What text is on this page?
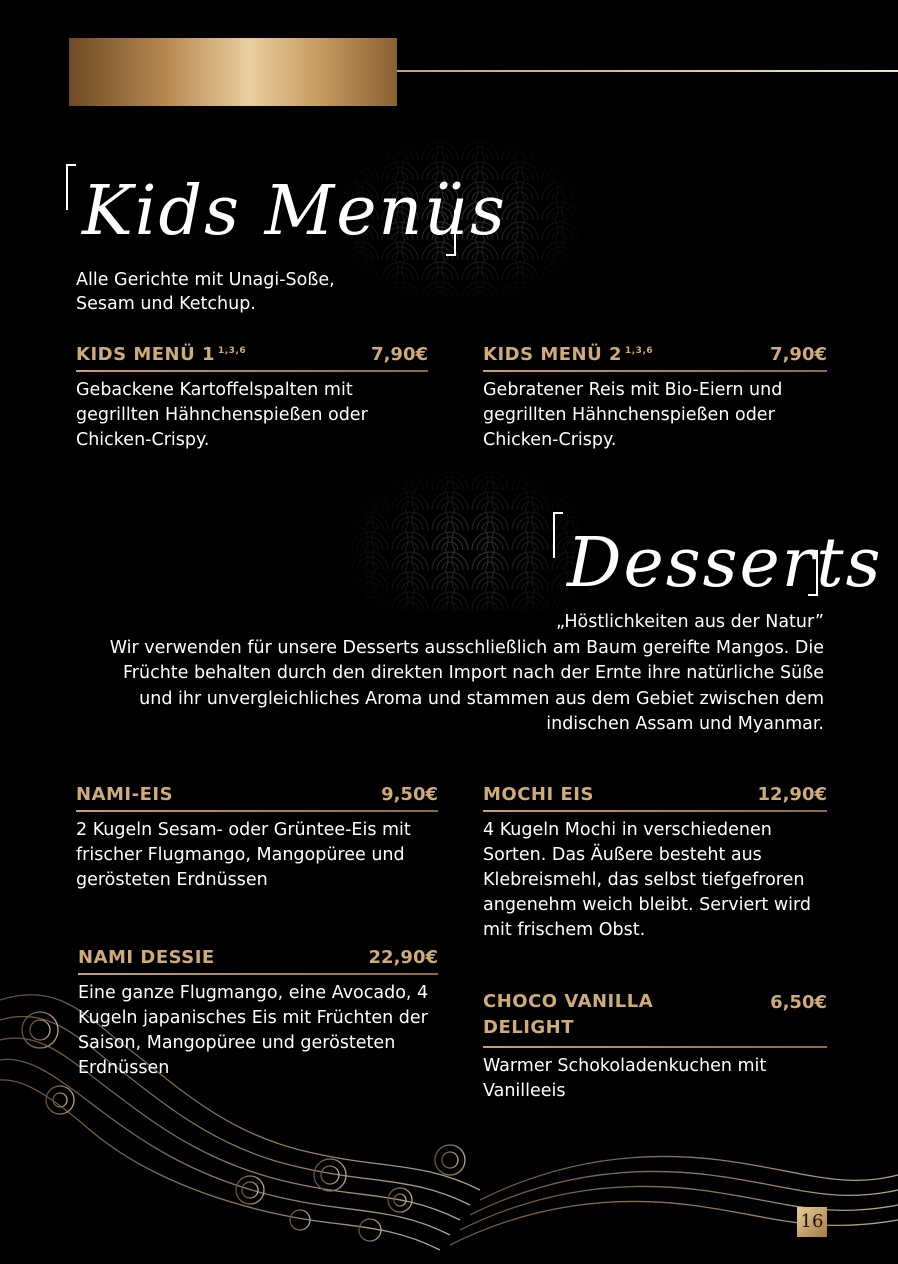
Kids Menüs
Alle Gerichte mit Unagi-Soße, Sesam und Ketchup.
KIDS MENÜ 1 $^{1,3,6}$	7,90€
Gebackene Kartoffelspalten mit gegrillten Hähnchenspießen oder Chicken-Crispy.
KIDS MENÜ 2 $^{1,3,6}$	7,90€
Gebratener Reis mit Bio-Eiern und gegrillten Hähnchenspießen oder Chicken-Crispy.
Desserts
„Höstlichkeiten aus der Natur”
Wir verwenden für unsere Desserts ausschließlich am Baum gereifte Mangos. Die Früchte behalten durch den direkten Import nach der Ernte ihre natürliche Süße und ihr unvergleichliches Aroma und stammen aus dem Gebiet zwischen dem indischen Assam und Myanmar.
NAMI-EIS	9,50€
2 Kugeln Sesam- oder Grüntee-Eis mit frischer Flugmango, Mangopüree und gerösteten Erdnüssen
MOCHI EIS	12,90€
4 Kugeln Mochi in verschiedenen Sorten. Das Äußere besteht aus Klebreismehl, das selbst tiefgefroren angenehm weich bleibt. Serviert wird mit frischem Obst.
NAMI DESSIE	22,90€
Eine ganze Flugmango, eine Avocado, 4 Kugeln japanisches Eis mit Früchten der Saison, Mangopüree und gerösteten Erdnüssen
CHOCO VANILLA DELIGHT
6,50€
Warmer Schokoladenkuchen mit Vanilleeis
16
